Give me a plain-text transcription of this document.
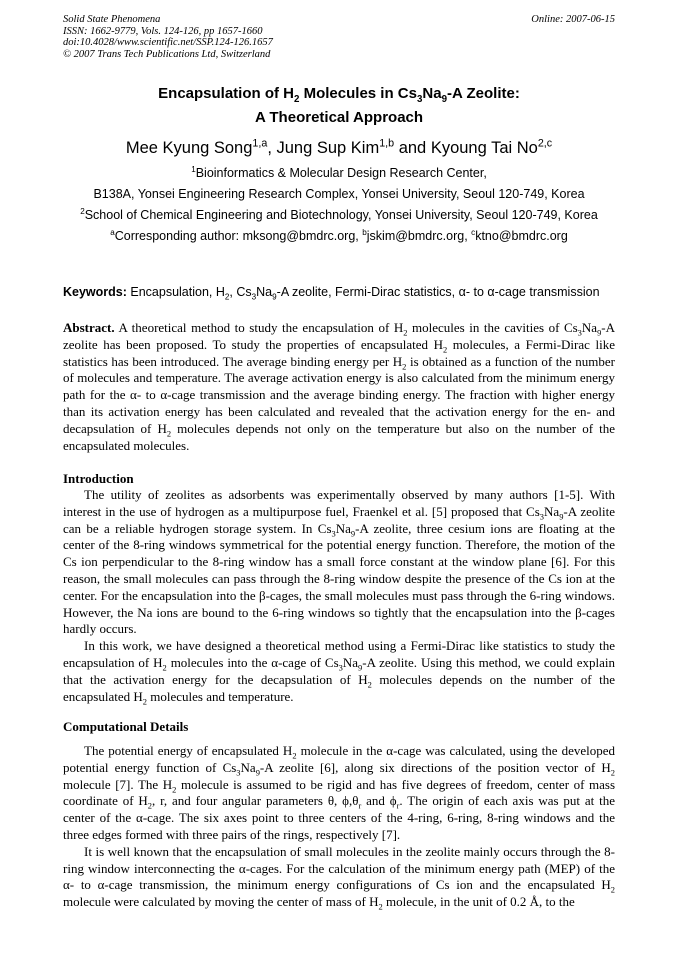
Solid State Phenomena
ISSN: 1662-9779, Vols. 124-126, pp 1657-1660
doi:10.4028/www.scientific.net/SSP.124-126.1657
© 2007 Trans Tech Publications Ltd, Switzerland
Online: 2007-06-15
Encapsulation of $H_2$ Molecules in $Cs_3Na_9-A$ Zeolite:
A Theoretical Approach
Mee Kyung Song$^{1,a}$, Jung Sup Kim$^{1,b}$ and Kyoung Tai No$^{2,c}$
$^1$Bioinformatics & Molecular Design Research Center,
B138A, Yonsei Engineering Research Complex, Yonsei University, Seoul 120-749, Korea
$^2$School of Chemical Engineering and Biotechnology, Yonsei University, Seoul 120-749, Korea
$^a$Corresponding author: mksong@bmdrc.org, $^b$jskim@bmdrc.org, $^c$ktno@bmdrc.org
Keywords: Encapsulation, $H_2$, $Cs_3Na_9-A$ zeolite, Fermi-Dirac statistics, α- to α-cage transmission

Abstract. A theoretical method to study the encapsulation of $H_2$ molecules in the cavities of $Cs_3Na_9-A$ zeolite has been proposed. To study the properties of encapsulated $H_2$ molecules, a Fermi-Dirac like statistics has been introduced. The average binding energy per $H_2$ is obtained as a function of the number of molecules and temperature. The average activation energy is also calculated from the minimum energy path for the α- to α-cage transmission and the average binding energy. The fraction with higher energy than its activation energy has been calculated and revealed that the activation energy for the en- and decapsulation of $H_2$ molecules depends not only on the temperature but also on the number of the encapsulated molecules.

Introduction

The utility of zeolites as adsorbents was experimentally observed by many authors [1-5]. With interest in the use of hydrogen as a multipurpose fuel, Fraenkel et al. [5] proposed that $Cs_3Na_9-A$ zeolite can be a reliable hydrogen storage system. In $Cs_3Na_9-A$ zeolite, three cesium ions are floating at the center of the 8-ring windows symmetrical for the potential energy function. Therefore, the motion of the Cs ion perpendicular to the 8-ring window has a small force constant at the window plane [6]. For this reason, the small molecules can pass through the 8-ring window despite the presence of the Cs ion at the center. For the encapsulation into the β-cages, the small molecules must pass through the 6-ring windows. However, the Na ions are bound to the 6-ring windows so tightly that the encapsulation into the β-cages hardly occurs.

In this work, we have designed a theoretical method using a Fermi-Dirac like statistics to study the encapsulation of $H_2$ molecules into the α-cage of $Cs_3Na_9-A$ zeolite. Using this method, we could explain that the activation energy for the decapsulation of $H_2$ molecules depends on the number of the encapsulated $H_2$ molecules and temperature.

Computational Details

The potential energy of encapsulated $H_2$ molecule in the α-cage was calculated, using the developed potential energy function of $Cs_3Na_9-A$ zeolite [6], along six directions of the position vector of $H_2$ molecule [7]. The $H_2$ molecule is assumed to be rigid and has five degrees of freedom, center of mass coordinate of $H_2$, r, and four angular parameters θ, $\phi,\theta_r$ and $\phi_r$. The origin of each axis was put at the center of the α-cage. The six axes point to three centers of the 4-ring, 6-ring, 8-ring windows and the three edges formed with three pairs of the rings, respectively [7].

It is well known that the encapsulation of small molecules in the zeolite mainly occurs through the 8-ring window interconnecting the α-cages. For the calculation of the minimum energy path (MEP) of the α- to α-cage transmission, the minimum energy configurations of Cs ion and the encapsulated $H_2$ molecule were calculated by moving the center of mass of $H_2$ molecule, in the unit of 0.2 Å, to the
